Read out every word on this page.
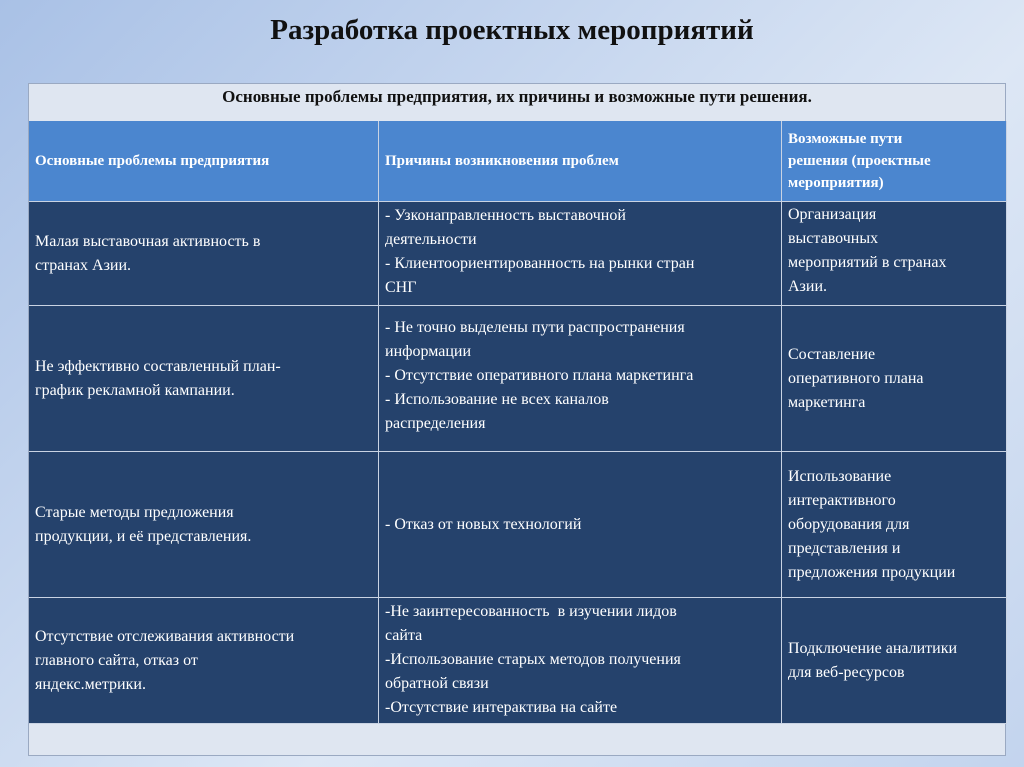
Разработка проектных мероприятий
Основные проблемы предприятия, их причины и возможные пути решения.
Основные проблемы предприятия	Причины возникновения проблем
Возможные пути
решения (проектные
мероприятия)
Малая выставочная активность в
странах Азии.
- Узконаправленность выставочной
деятельности
- Клиентоориентированность на рынки стран
СНГ
Организация
выставочных
мероприятий в странах
Азии.
Не эффективно составленный план-
график рекламной кампании.
- Не точно выделены пути распространения
информации
- Отсутствие оперативного плана маркетинга
- Использование не всех каналов
распределения
Составление
оперативного плана
маркетинга
Старые методы предложения
продукции, и её представления.
- Отказ от новых технологий
Использование
интерактивного
оборудования для
представления и
предложения продукции
Отсутствие отслеживания активности
главного сайта, отказ от
яндекс.метрики.
-Не заинтересованность  в изучении лидов
сайта
-Использование старых методов получения
обратной связи
-Отсутствие интерактива на сайте
Подключение аналитики
для веб-ресурсов
